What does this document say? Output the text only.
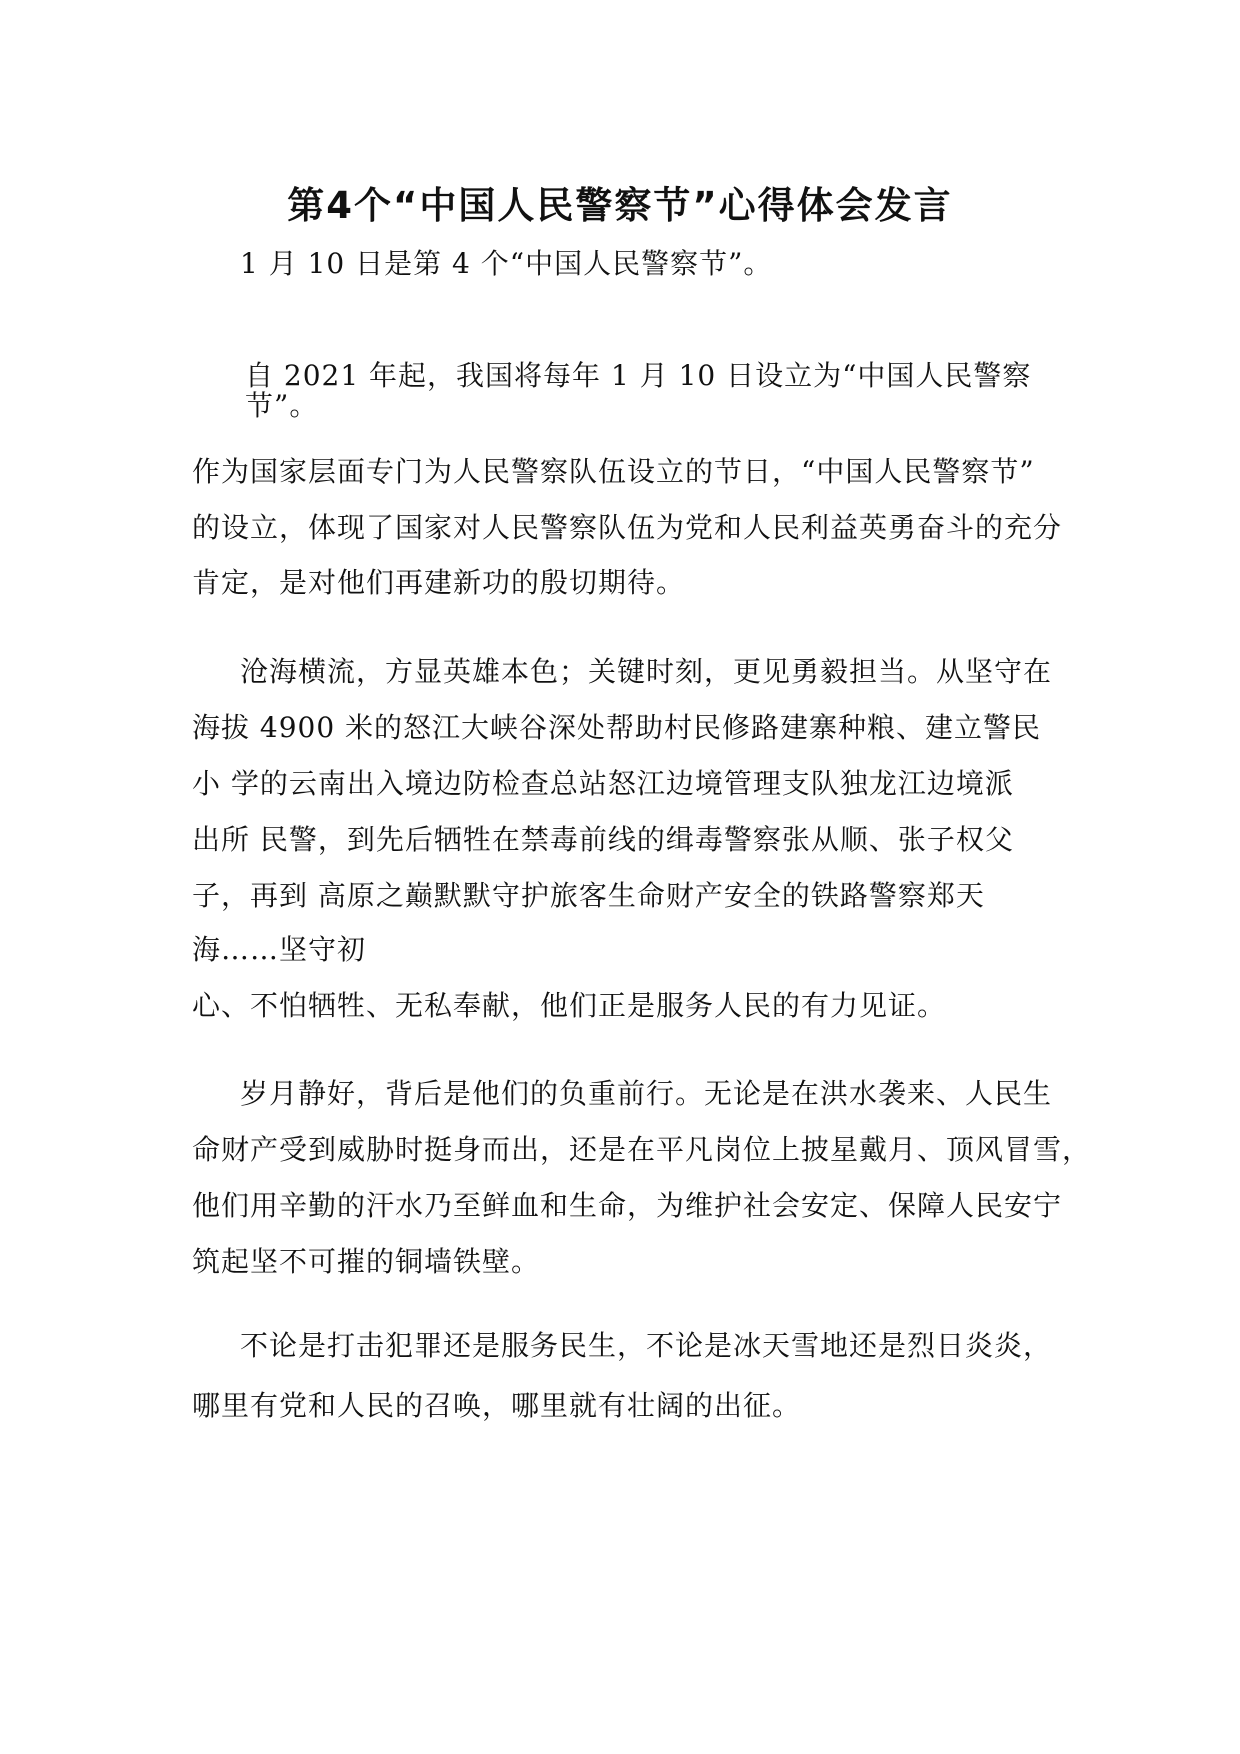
第4个“中国人民警察节”心得体会发言

1 月 10 日是第 4 个“中国人民警察节”。

自 2021 年起，我国将每年 1 月 10 日设立为“中国人民警察

节”。

作为国家层面专门为人民警察队伍设立的节日，“中国人民警察节”

的设立，体现了国家对人民警察队伍为党和人民利益英勇奋斗的充分

肯定，是对他们再建新功的殷切期待。

沧海横流，方显英雄本色；关键时刻，更见勇毅担当。从坚守在

海拔 4900 米的怒江大峡谷深处帮助村民修路建寨种粮、建立警民

小 学的云南出入境边防检查总站怒江边境管理支队独龙江边境派

出所 民警，到先后牺牲在禁毒前线的缉毒警察张从顺、张子权父

子，再到 高原之巅默默守护旅客生命财产安全的铁路警察郑天

海……坚守初

心、不怕牺牲、无私奉献，他们正是服务人民的有力见证。

岁月静好，背后是他们的负重前行。无论是在洪水袭来、人民生

命财产受到威胁时挺身而出，还是在平凡岗位上披星戴月、顶风冒雪，

他们用辛勤的汗水乃至鲜血和生命，为维护社会安定、保障人民安宁

筑起坚不可摧的铜墙铁壁。

不论是打击犯罪还是服务民生，不论是冰天雪地还是烈日炎炎，

哪里有党和人民的召唤，哪里就有壮阔的出征。
